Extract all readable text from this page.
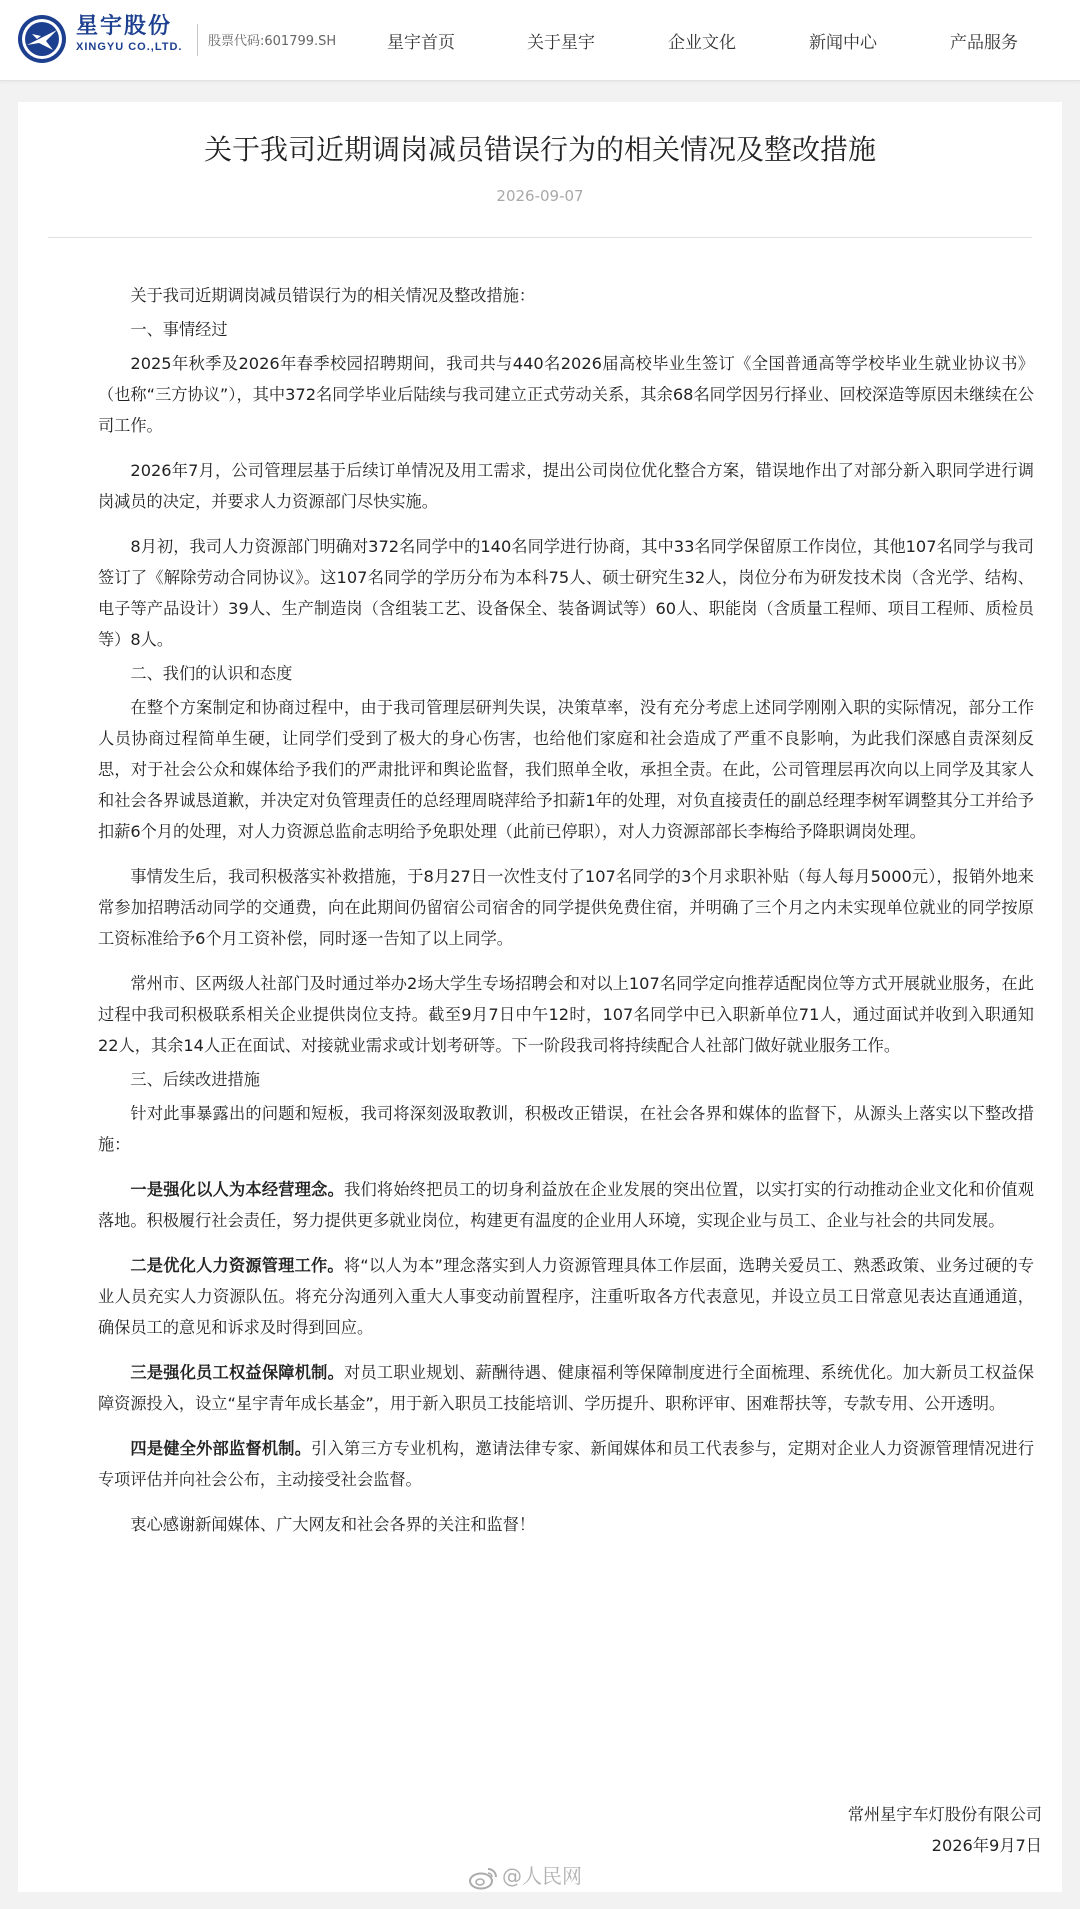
星宇股份
XINGYU CO.,LTD. 股票代码:601799.SH	星宇首页	关于星宇	企业文化	新闻中心	产品服务
关于我司近期调岗减员错误行为的相关情况及整改措施
2026-09-07

关于我司近期调岗减员错误行为的相关情况及整改措施：

一、事情经过

2025年秋季及2026年春季校园招聘期间，我司共与440名2026届高校毕业生签订《全国普通高等学校毕业生就业协议书》（也称“三方协议”），其中372名同学毕业后陆续与我司建立正式劳动关系，其余68名同学因另行择业、回校深造等原因未继续在公司工作。

2026年7月，公司管理层基于后续订单情况及用工需求，提出公司岗位优化整合方案，错误地作出了对部分新入职同学进行调岗减员的决定，并要求人力资源部门尽快实施。

8月初，我司人力资源部门明确对372名同学中的140名同学进行协商，其中33名同学保留原工作岗位，其他107名同学与我司签订了《解除劳动合同协议》。这107名同学的学历分布为本科75人、硕士研究生32人，岗位分布为研发技术岗（含光学、结构、电子等产品设计）39人、生产制造岗（含组装工艺、设备保全、装备调试等）60人、职能岗（含质量工程师、项目工程师、质检员等）8人。

二、我们的认识和态度

在整个方案制定和协商过程中，由于我司管理层研判失误，决策草率，没有充分考虑上述同学刚刚入职的实际情况，部分工作人员协商过程简单生硬，让同学们受到了极大的身心伤害，也给他们家庭和社会造成了严重不良影响，为此我们深感自责深刻反思，对于社会公众和媒体给予我们的严肃批评和舆论监督，我们照单全收，承担全责。在此，公司管理层再次向以上同学及其家人和社会各界诚恳道歉，并决定对负管理责任的总经理周晓萍给予扣薪1年的处理，对负直接责任的副总经理李树军调整其分工并给予扣薪6个月的处理，对人力资源总监俞志明给予免职处理（此前已停职），对人力资源部部长李梅给予降职调岗处理。

事情发生后，我司积极落实补救措施，于8月27日一次性支付了107名同学的3个月求职补贴（每人每月5000元），报销外地来常参加招聘活动同学的交通费，向在此期间仍留宿公司宿舍的同学提供免费住宿，并明确了三个月之内未实现单位就业的同学按原工资标准给予6个月工资补偿，同时逐一告知了以上同学。

常州市、区两级人社部门及时通过举办2场大学生专场招聘会和对以上107名同学定向推荐适配岗位等方式开展就业服务，在此过程中我司积极联系相关企业提供岗位支持。截至9月7日中午12时，107名同学中已入职新单位71人，通过面试并收到入职通知22人，其余14人正在面试、对接就业需求或计划考研等。下一阶段我司将持续配合人社部门做好就业服务工作。

三、后续改进措施

针对此事暴露出的问题和短板，我司将深刻汲取教训，积极改正错误，在社会各界和媒体的监督下，从源头上落实以下整改措施：

一是强化以人为本经营理念。我们将始终把员工的切身利益放在企业发展的突出位置，以实打实的行动推动企业文化和价值观落地。积极履行社会责任，努力提供更多就业岗位，构建更有温度的企业用人环境，实现企业与员工、企业与社会的共同发展。

二是优化人力资源管理工作。将“以人为本”理念落实到人力资源管理具体工作层面，选聘关爱员工、熟悉政策、业务过硬的专业人员充实人力资源队伍。将充分沟通列入重大人事变动前置程序，注重听取各方代表意见，并设立员工日常意见表达直通通道，确保员工的意见和诉求及时得到回应。

三是强化员工权益保障机制。对员工职业规划、薪酬待遇、健康福利等保障制度进行全面梳理、系统优化。加大新员工权益保障资源投入，设立“星宇青年成长基金”，用于新入职员工技能培训、学历提升、职称评审、困难帮扶等，专款专用、公开透明。

四是健全外部监督机制。引入第三方专业机构，邀请法律专家、新闻媒体和员工代表参与，定期对企业人力资源管理情况进行专项评估并向社会公布，主动接受社会监督。

衷心感谢新闻媒体、广大网友和社会各界的关注和监督！

常州星宇车灯股份有限公司
2026年9月7日
@人民网
